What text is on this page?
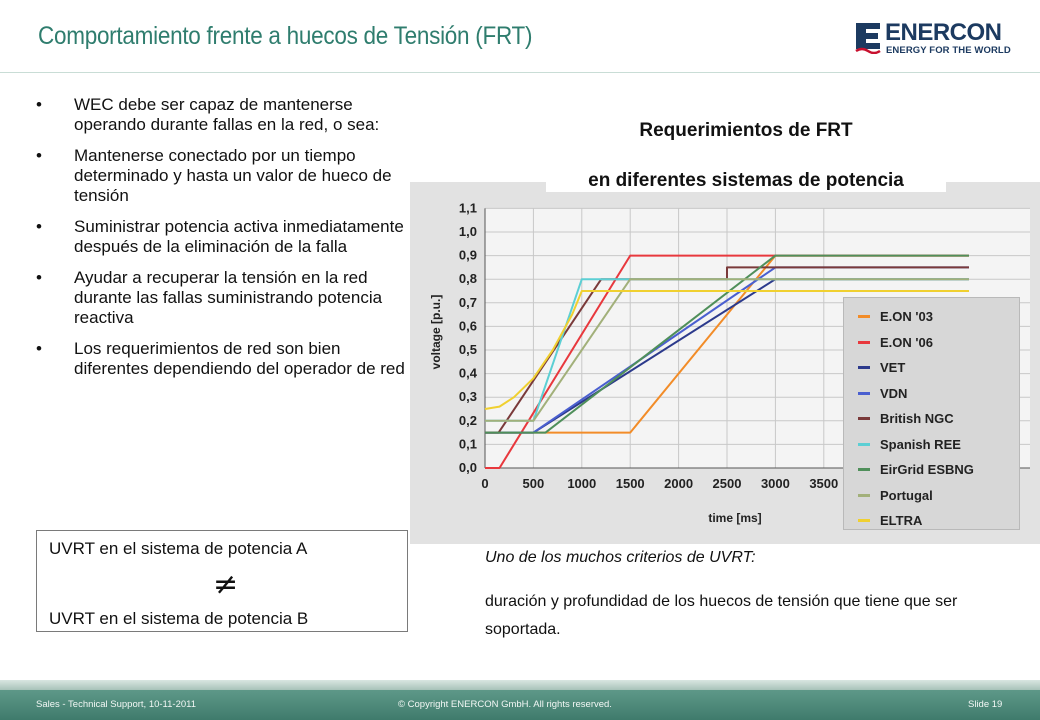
Comportamiento frente a huecos de Tensión (FRT)	ENERCON
ENERGY FOR THE WORLD
• WEC debe ser capaz de mantenerse operando durante fallas en la red, o sea:
• Mantenerse conectado por un tiempo determinado y hasta un valor de hueco de tensión
• Suministrar potencia activa inmediatamente después de la eliminación de la falla
• Ayudar a recuperar la tensión en la red durante las fallas suministrando potencia reactiva
• Los requerimientos de red son bien diferentes dependiendo del operador de red
UVRT en el sistema de potencia A
≠
UVRT en el sistema de potencia B
Requerimientos de FRT
0,0
0,1
0,2
0,3
0,4
0,5
0,6
0,7
0,8
0,9
1,0
1,1
0	500 1000 1500 2000 2500 3000 3500
time [ms]
voltage [p.u.]
en diferentes sistemas de potencia
E.ON '03
E.ON '06
VET
VDN
British NGC
Spanish REE
EirGrid ESBNG
Portugal
ELTRA
Uno de los muchos criterios de UVRT:
duración y profundidad de los huecos de tensión que tiene que ser soportada.
Sales - Technical Support, 10-11-2011	© Copyright ENERCON GmbH. All rights reserved.	Slide 19
